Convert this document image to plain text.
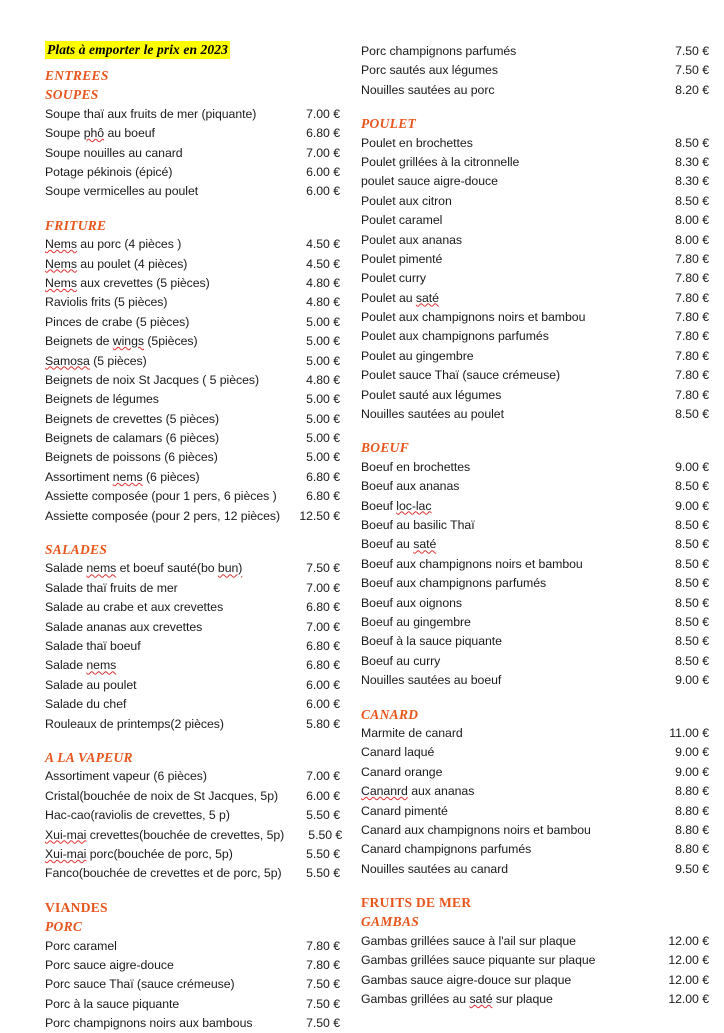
Plats à emporter le prix en 2023
ENTREES
SOUPES
Soupe thaï aux fruits de mer (piquante)	7.00 €
Soupe phô au boeuf	6.80 €
Soupe nouilles au canard	7.00 €
Potage pékinois (épicé)	6.00 €
Soupe vermicelles au poulet	6.00 €
FRITURE
Nems au porc (4 pièces )	4.50 €
Nems au poulet (4 pièces)	4.50 €
Nems aux crevettes (5 pièces)	4.80 €
Raviolis frits (5 pièces)	4.80 €
Pinces de crabe (5 pièces)	5.00 €
Beignets de wings (5pièces)	5.00 €
Samosa (5 pièces)	5.00 €
Beignets de noix St Jacques ( 5 pièces)	4.80 €
Beignets de légumes	5.00 €
Beignets de crevettes (5 pièces)	5.00 €
Beignets de calamars (6 pièces)	5.00 €
Beignets de poissons (6 pièces)	5.00 €
Assortiment nems (6 pièces)	6.80 €
Assiette composée (pour 1 pers, 6 pièces )	6.80 €
Assiette composée (pour 2 pers, 12 pièces)	12.50 €
SALADES
Salade nems et boeuf sauté(bo bun)	7.50 €
Salade thaï fruits de mer	7.00 €
Salade au crabe et aux crevettes	6.80 €
Salade ananas aux crevettes	7.00 €
Salade thaï boeuf	6.80 €
Salade nems	6.80 €
Salade au poulet	6.00 €
Salade du chef	6.00 €
Rouleaux de printemps(2 pièces)	5.80 €
A LA VAPEUR
Assortiment vapeur (6 pièces)	7.00 €
Cristal(bouchée de noix de St Jacques, 5p)	6.00 €
Hac-cao(raviolis de crevettes, 5 p)	5.50 €
Xui-mai crevettes(bouchée de crevettes, 5p)	5.50 €
Xui-mai porc(bouchée de porc, 5p)	5.50 €
Fanco(bouchée de crevettes et de porc, 5p)	5.50 €
VIANDES
PORC
Porc caramel	7.80 €
Porc sauce aigre-douce	7.80 €
Porc sauce Thaï (sauce crémeuse)	7.50 €
Porc à la sauce piquante	7.50 €
Porc champignons noirs aux bambous	7.50 €
Porc champignons parfumés	7.50 €
Porc sautés aux légumes	7.50 €
Nouilles sautées au porc	8.20 €
POULET
Poulet en brochettes	8.50 €
Poulet grillées à la citronnelle	8.30 €
poulet sauce aigre-douce	8.30 €
Poulet aux citron	8.50 €
Poulet caramel	8.00 €
Poulet aux ananas	8.00 €
Poulet pimenté	7.80 €
Poulet curry	7.80 €
Poulet au saté	7.80 €
Poulet aux champignons noirs et bambou	7.80 €
Poulet aux champignons parfumés	7.80 €
Poulet au gingembre	7.80 €
Poulet sauce Thaï (sauce crémeuse)	7.80 €
Poulet sauté aux légumes	7.80 €
Nouilles sautées au poulet	8.50 €
BOEUF
Boeuf en brochettes	9.00 €
Boeuf aux ananas	8.50 €
Boeuf loc-lac	9.00 €
Boeuf au basilic Thaï	8.50 €
Boeuf au saté	8.50 €
Boeuf aux champignons noirs et bambou	8.50 €
Boeuf aux champignons parfumés	8.50 €
Boeuf aux oignons	8.50 €
Boeuf au gingembre	8.50 €
Boeuf à la sauce piquante	8.50 €
Boeuf au curry	8.50 €
Nouilles sautées au boeuf	9.00 €
CANARD
Marmite de canard	11.00 €
Canard laqué	9.00 €
Canard orange	9.00 €
Cananrd aux ananas	8.80 €
Canard pimenté	8.80 €
Canard aux champignons noirs et bambou	8.80 €
Canard champignons parfumés	8.80 €
Nouilles sautées au canard	9.50 €
FRUITS DE MER
GAMBAS
Gambas grillées sauce à l'ail sur plaque	12.00 €
Gambas grillées sauce piquante sur plaque	12.00 €
Gambas sauce aigre-douce sur plaque	12.00 €
Gambas grillées au saté sur plaque	12.00 €
